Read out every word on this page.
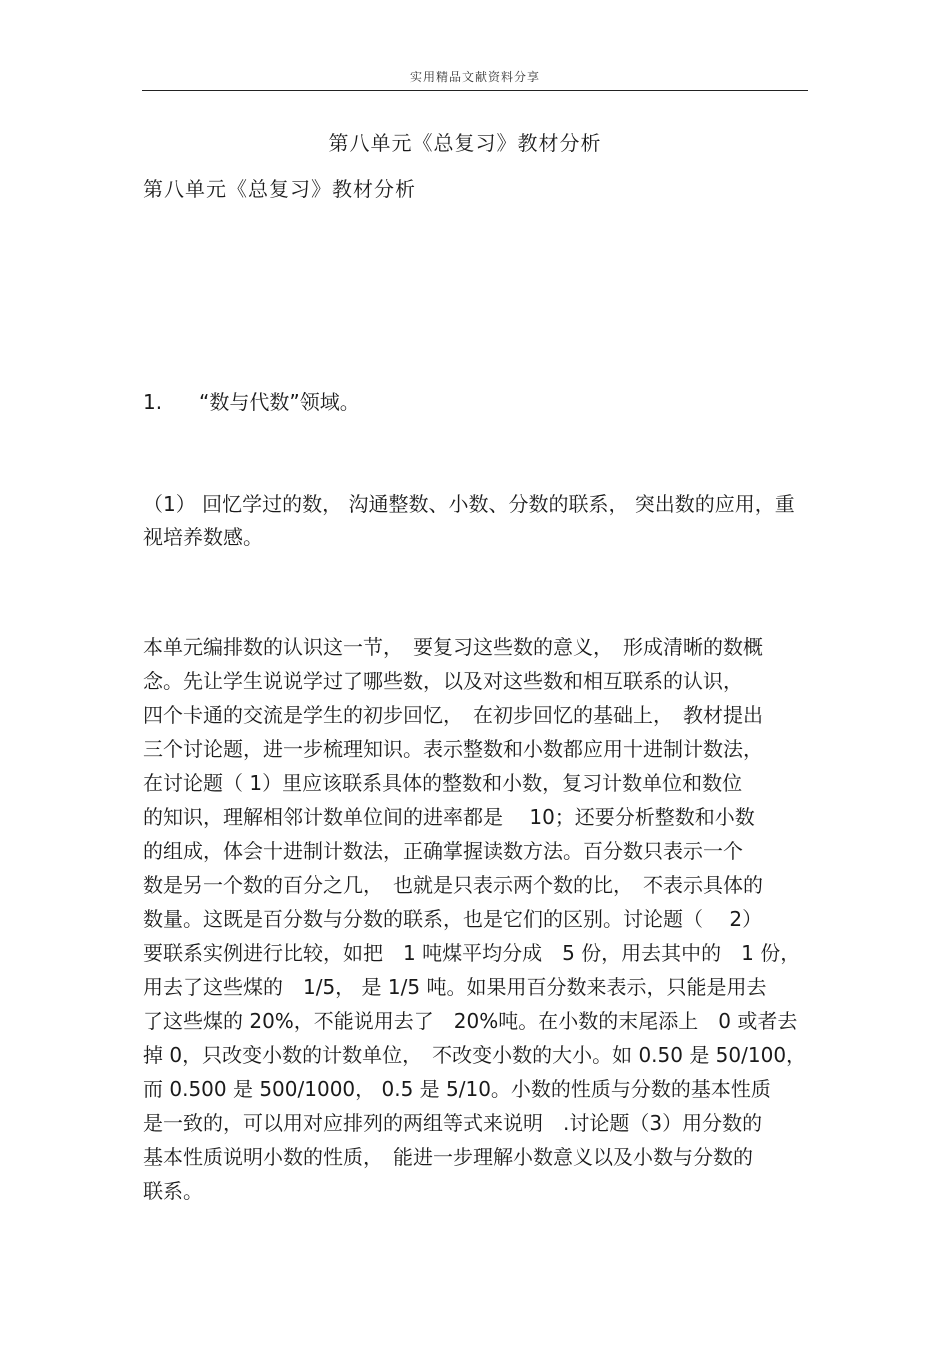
实用精品文献资料分享
第八单元《总复习》教材分析
第八单元《总复习》教材分析
1. “数与代数”领域。
（1） 回忆学过的数， 沟通整数、小数、分数的联系， 突出数的应用，重视培养数感。
本单元编排数的认识这一节，　要复习这些数的意义，　形成清晰的数概
念。先让学生说说学过了哪些数，以及对这些数和相互联系的认识，
四个卡通的交流是学生的初步回忆，　在初步回忆的基础上，　教材提出
三个讨论题，进一步梳理知识。表示整数和小数都应用十进制计数法，
在讨论题（ 1）里应该联系具体的整数和小数，复习计数单位和数位
的知识，理解相邻计数单位间的进率都是　 10；还要分析整数和小数
的组成，体会十进制计数法，正确掌握读数方法。百分数只表示一个
数是另一个数的百分之几，　也就是只表示两个数的比，　不表示具体的
数量。这既是百分数与分数的联系，也是它们的区别。讨论题（　 2）
要联系实例进行比较，如把　1 吨煤平均分成　5 份，用去其中的　1 份，
用去了这些煤的　1/5， 是 1/5 吨。如果用百分数来表示，只能是用去
了这些煤的 20%，不能说用去了　20%吨。在小数的末尾添上　0 或者去
掉 0，只改变小数的计数单位，　不改变小数的大小。如 0.50 是 50/100，
而 0.500 是 500/1000， 0.5 是 5/10。小数的性质与分数的基本性质
是一致的，可以用对应排列的两组等式来说明　.讨论题（3）用分数的
基本性质说明小数的性质，　能进一步理解小数意义以及小数与分数的
联系。
